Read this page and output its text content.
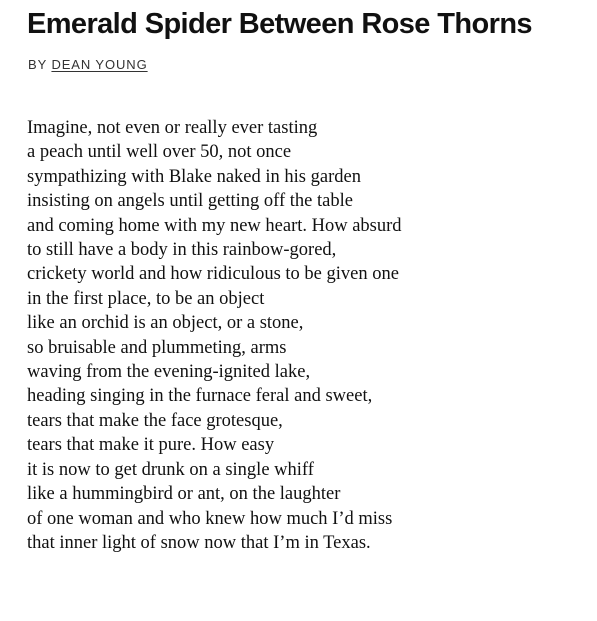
Emerald Spider Between Rose Thorns
BY DEAN YOUNG
Imagine, not even or really ever tasting
a peach until well over 50, not once
sympathizing with Blake naked in his garden
insisting on angels until getting off the table
and coming home with my new heart. How absurd
to still have a body in this rainbow-gored,
crickety world and how ridiculous to be given one
in the first place, to be an object
like an orchid is an object, or a stone,
so bruisable and plummeting, arms
waving from the evening-ignited lake,
heading singing in the furnace feral and sweet,
tears that make the face grotesque,
tears that make it pure. How easy
it is now to get drunk on a single whiff
like a hummingbird or ant, on the laughter
of one woman and who knew how much I’d miss
that inner light of snow now that I’m in Texas.
